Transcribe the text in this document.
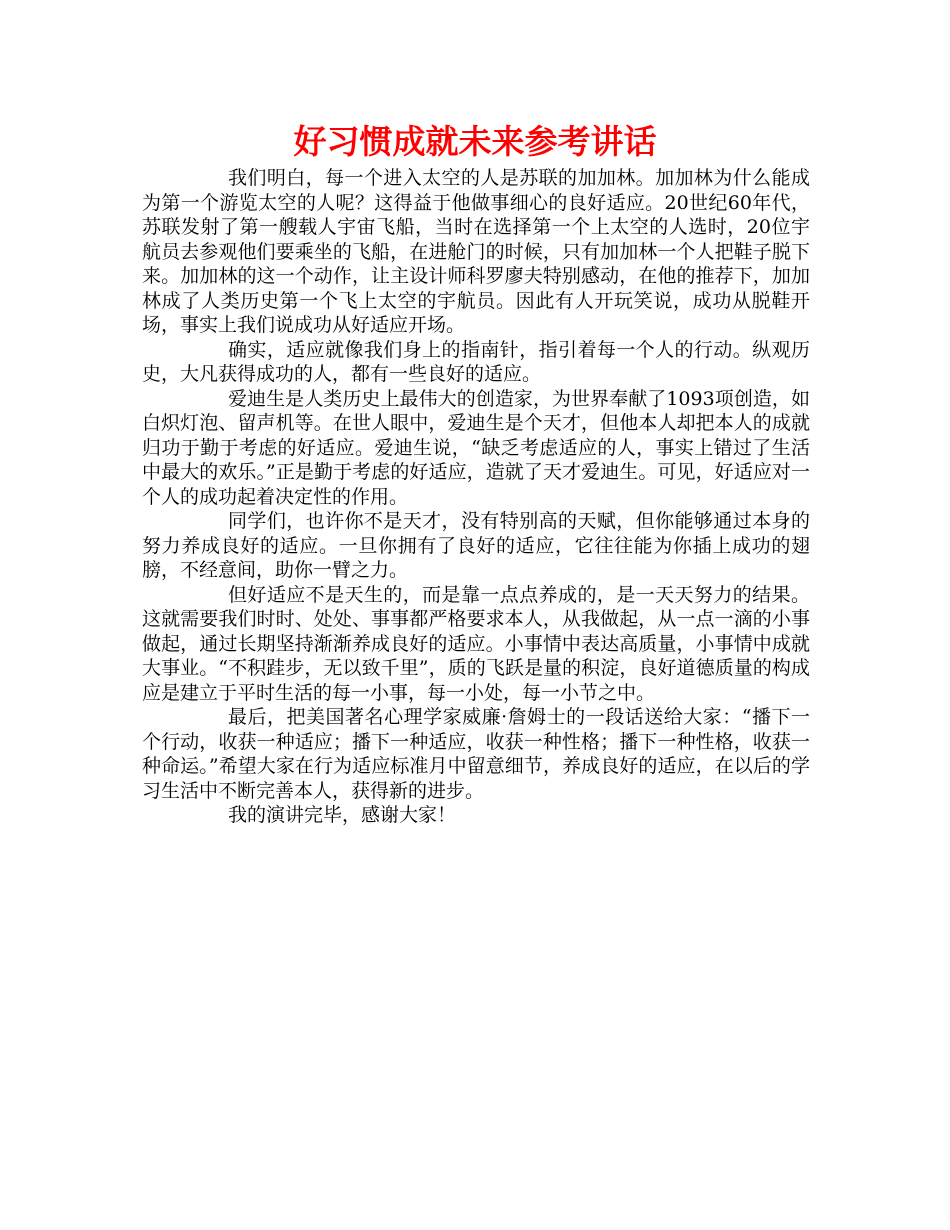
好习惯成就未来参考讲话

我们明白，每一个进入太空的人是苏联的加加林。加加林为什么能成为第一个游览太空的人呢？这得益于他做事细心的良好适应。20世纪60年代，苏联发射了第一艘载人宇宙飞船，当时在选择第一个上太空的人选时，20位宇航员去参观他们要乘坐的飞船，在进舱门的时候，只有加加林一个人把鞋子脱下来。加加林的这一个动作，让主设计师科罗廖夫特别感动，在他的推荐下，加加林成了人类历史第一个飞上太空的宇航员。因此有人开玩笑说，成功从脱鞋开场，事实上我们说成功从好适应开场。

确实，适应就像我们身上的指南针，指引着每一个人的行动。纵观历史，大凡获得成功的人，都有一些良好的适应。

爱迪生是人类历史上最伟大的创造家，为世界奉献了1093项创造，如白炽灯泡、留声机等。在世人眼中，爱迪生是个天才，但他本人却把本人的成就归功于勤于考虑的好适应。爱迪生说，“缺乏考虑适应的人，事实上错过了生活中最大的欢乐。”正是勤于考虑的好适应，造就了天才爱迪生。可见，好适应对一个人的成功起着决定性的作用。

同学们，也许你不是天才，没有特别高的天赋，但你能够通过本身的努力养成良好的适应。一旦你拥有了良好的适应，它往往能为你插上成功的翅膀，不经意间，助你一臂之力。

但好适应不是天生的，而是靠一点点养成的，是一天天努力的结果。这就需要我们时时、处处、事事都严格要求本人，从我做起，从一点一滴的小事做起，通过长期坚持渐渐养成良好的适应。小事情中表达高质量，小事情中成就大事业。“不积跬步，无以致千里”，质的飞跃是量的积淀，良好道德质量的构成应是建立于平时生活的每一小事，每一小处，每一小节之中。

最后，把美国著名心理学家威廉·詹姆士的一段话送给大家：“播下一个行动，收获一种适应；播下一种适应，收获一种性格；播下一种性格，收获一种命运。”希望大家在行为适应标准月中留意细节，养成良好的适应，在以后的学习生活中不断完善本人，获得新的进步。

我的演讲完毕，感谢大家！
